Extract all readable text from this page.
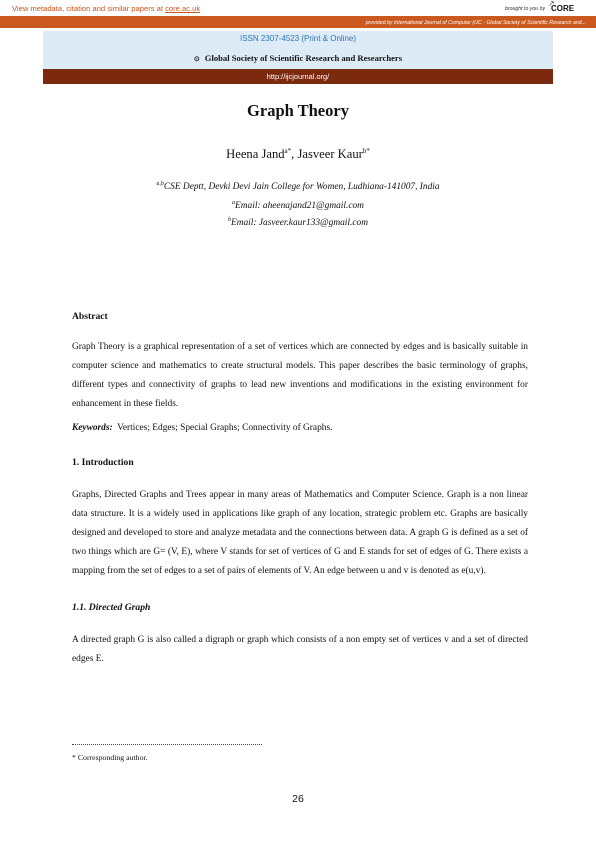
View metadata, citation and similar papers at core.ac.uk	brought to you by
↗
CORE
provided by International Journal of Computer (IJC - Global Society of Scientific Research and...
ISSN 2307-4523 (Print & Online)
⊙ Global Society of Scientific Research and Researchers
http://ijcjournal.org/
Graph Theory
Heena Jand$^{a*}$, Jasveer Kaur$^{b*}$
$^{a,b}$CSE Deptt, Devki Devi Jain College for Women, Ludhiana-141007, India
$^a$Email: aheenajand21@gmail.com
$^b$Email: Jasveer.kaur133@gmail.com
Abstract
Graph Theory is a graphical representation of a set of vertices which are connected by edges and is basically suitable in computer science and mathematics to create structural models. This paper describes the basic terminology of graphs, different types and connectivity of graphs to lead new inventions and modifications in the existing environment for enhancement in these fields.
Keywords:  Vertices; Edges; Special Graphs; Connectivity of Graphs.
1. Introduction
Graphs, Directed Graphs and Trees appear in many areas of Mathematics and Computer Science. Graph is a non linear data structure. It is a widely used in applications like graph of any location, strategic problem etc. Graphs are basically designed and developed to store and analyze metadata and the connections between data. A graph G is defined as a set of two things which are G= (V, E), where V stands for set of vertices of G and E stands for set of edges of G. There exists a mapping from the set of edges to a set of pairs of elements of V. An edge between u and v is denoted as e(u,v).
1.1. Directed Graph
A directed graph G is also called a digraph or graph which consists of a non empty set of vertices v and a set of directed edges E.
* Corresponding author.
26
